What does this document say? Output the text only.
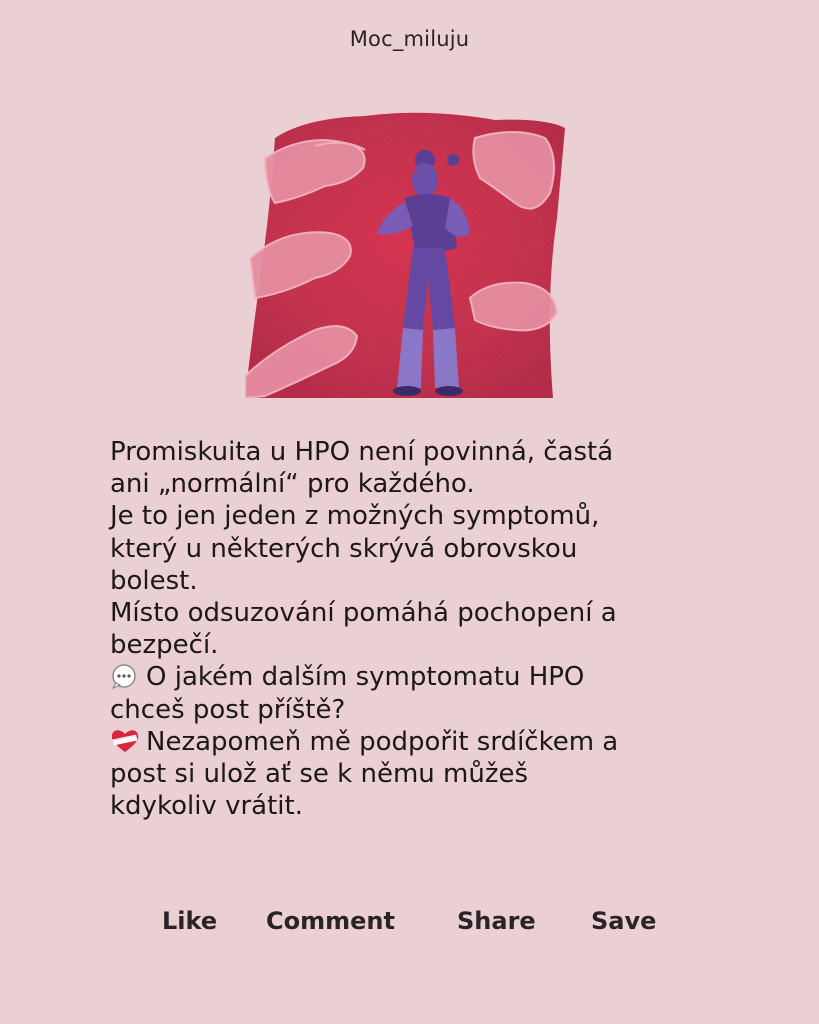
Moc_miluju
Promiskuita u HPO není povinná, častá
ani „normální“ pro každého.
Je to jen jeden z možných symptomů,
který u některých skrývá obrovskou
bolest.
Místo odsuzování pomáhá pochopení a
bezpečí.
O jakém dalším symptomatu HPO
chceš post příště?
Nezapomeň mě podpořit srdíčkem a
post si ulož ať se k němu můžeš
kdykoliv vrátit.
Like Comment	Share Save
